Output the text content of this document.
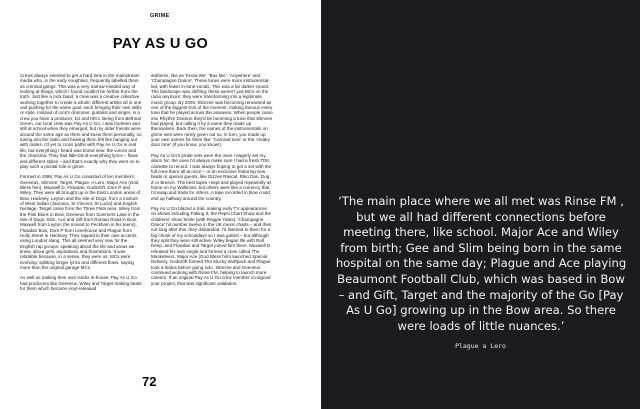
GRIME
PAY AS U GO

Crews always seemed to get a hard time in the mainstream media who, in the early noughties, frequently labelled them as criminal gangs. This was a very narrow-minded way of looking at things, which I found couldn't be further from the truth. Just like a rock band, a crew was a creative collective working together to create a whole; different artists all in one unit pushing for the same goal, each bringing their own skills or style. Instead of rock's drummer, guitarist and singer, in a crew you have a producer, DJ and MCs. Being from Bethnal Green, our local crew was Pay As U Go. I was fourteen and still at school when they emerged, but my older friends were around the same age as them and knew them personally, so tuning into the radio and hearing them felt like hanging out with mates. I'd yet to cross paths with Pay As U Go in real life, but everything I heard was brand new: the voices and the charisma. They had little-bit-of-everything lyrics – flows and different styles – and that's exactly why they went on to play such a pivotal role in grime.

Formed in 1998, Pay As U Go consisted of ten members: Geeneus, Slimzee, Target, Plague, A Lero, Major Ace (God Bless him), Maxwell D, Flowdan, GodsGift, Dom P and Wiley. They were all brought up in the East London areas of Bow, Hackney, Leyton and the Isle of Dogs, from a mixture of West Indian (Jamaica, St Vincent, St Lucia) and English heritage. Target came from the Three Flats area, Wiley from the Pink Block in Bow, Geeneus from Summers Lane in the Isle of Dogs, Slim, Ace and Gift from Roman Road in Bow, Maxwell from Leyton (he moved to Peckham in his teens), Flowdan Bow, Dom P from Limehouse and Plague from Holly Street in Hackney. They rapped in their own accents, using London slang. This all seemed very new for the English rap groups: speaking about the life and areas we knew, about girls, aspirations and frustrations. It was relatable because, in a sense, they were us. MCs were evolving: splitting longer lyrics and different flows, saying more than the original garage MCs.

As well as making their own tracks in-house, Pay As U Go had producers like Geeneus, Wiley and Target making beats for them which became vinyl-released

anthems, like as 'Know We', 'Bus Mic', 'Anywhere' and 'Champagne Dance'. These tunes were more instrumental-led, with fewer in-tune vocals. This was a far darker sound. The landscape was shifting; these weren't just MCs on the radio anymore; they were transforming into a legitimate music group. By 2000, Slimzee was becoming renowned as one of the biggest DJs of the moment, making famous every tune that he played across the airwaves. When people came into Rhythm Division they'd be humming a tune that Slimzee had played, but calling it by a name they made up themselves. Back then, the names of the instrumentals on grime sets were rarely given out so, in turn, you made up your own names for them like: 'Carnival tune' or the 'creaky door tune' (if you know, you know!).

Pay As U Go's pirate sets were the ones I eagerly set my alarm for; the ones I'd always make sure I had a fresh TDK cassette to record. I was always hoping to get a set with the full crew there all at once – or an exclusive featuring new beats or special guests, like Dizzee Rascal, Riko Dan, Dog Z or Breeze. The best tapes I kept and played repeatedly at home on my Walkman; but others were like a currency that I'd swap and trade for others. A tape recorded in Bow could end up halfway around the country.

Pay As U Go blazed a trail, making early TV appearances on shows including Faking It, the Pepsi Chart Show and the childrens' show Smile (with Reggie Yates). 'Champagne Dance' hit number twelve in the UK music charts – and then not long after this, they disbanded. I'd listened to them for a big chunk of my schooldays so I was gutted – but although they split they were still active. Wiley began life with Roll Deep, and Flowdan and Target joined him there. Maxwell D released his own single and formed a crew called The Musketeers, Major Ace (God Bless him) launched Special Delivery, GodsGift formed The Mucky Wolfpack and Plague took a hiatus before going solo. Slimzee and Geeneus continued working with Rinse FM, helping to launch more careers. If an original Pay As U Go crew member co-signed your project, that was significant validation.

72
‘The main place where we all met was Rinse FM , but we all had different connections before meeting there, like school. Major Ace and Wiley from birth; Gee and Slim being born in the same hospital on the same day; Plague and Ace playing Beaumont Football Club, which was based in Bow – and Gift, Target and the majority of the Go [Pay As U Go] growing up in the Bow area. So there were loads of little nuances.’
Plague a Lero
